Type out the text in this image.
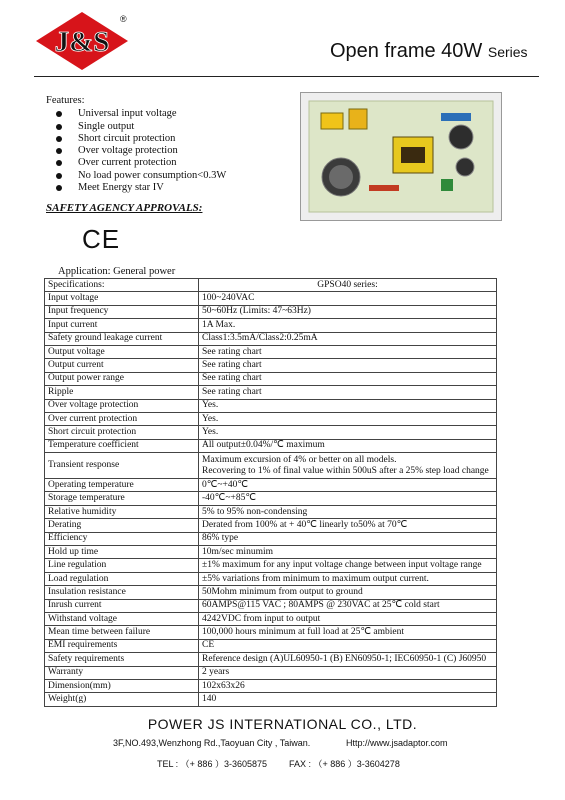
J&S
®
Open frame 40W Series
Features:
Universal input voltage
Single output
Short circuit protection
Over voltage protection
Over current protection
No load power consumption<0.3W
Meet Energy star IV
SAFETY AGENCY APPROVALS:
CE
Application: General power
Specifications:	GPSO40 series:
Input voltage	100~240VAC
Input frequency	50~60Hz (Limits: 47~63Hz)
Input current	1A Max.
Safety ground leakage current	Class1:3.5mA/Class2:0.25mA
Output voltage	See rating chart
Output current	See rating chart
Output power range	See rating chart
Ripple	See rating chart
Over voltage protection	Yes.
Over current protection	Yes.
Short circuit protection	Yes.
Temperature coefficient	All output±0.04%/℃ maximum
Transient response	Maximum excursion of 4% or better on all models.
Recovering to 1% of final value within 500uS after a 25% step load change

Operating temperature	0℃~+40℃
Storage temperature	-40℃~+85℃
Relative humidity	5% to 95% non-condensing
Derating	Derated from 100% at + 40℃ linearly to50% at 70℃
Efficiency	86% type
Hold up time	10m/sec minumim
Line regulation	±1% maximum for any input voltage change between input voltage range
Load regulation	±5% variations from minimum to maximum output current.
Insulation resistance	50Mohm minimum from output to ground
Inrush current	60AMPS@115 VAC ; 80AMPS @ 230VAC at 25℃ cold start
Withstand voltage	4242VDC from input to output
Mean time between failure	100,000 hours minimum at full load at 25℃ ambient
EMI requirements	CE
Safety requirements	Reference design (A)UL60950-1 (B) EN60950-1; IEC60950-1 (C) J60950
Warranty	2 years
Dimension(mm)	102x63x26
Weight(g)	140
POWER JS INTERNATIONAL CO., LTD.
3F,NO.493,Wenzhong Rd.,Taoyuan City , Taiwan.	Http://www.jsadaptor.com
TEL : （+ 886 ）3-3605875 FAX : （+ 886 ）3-3604278
